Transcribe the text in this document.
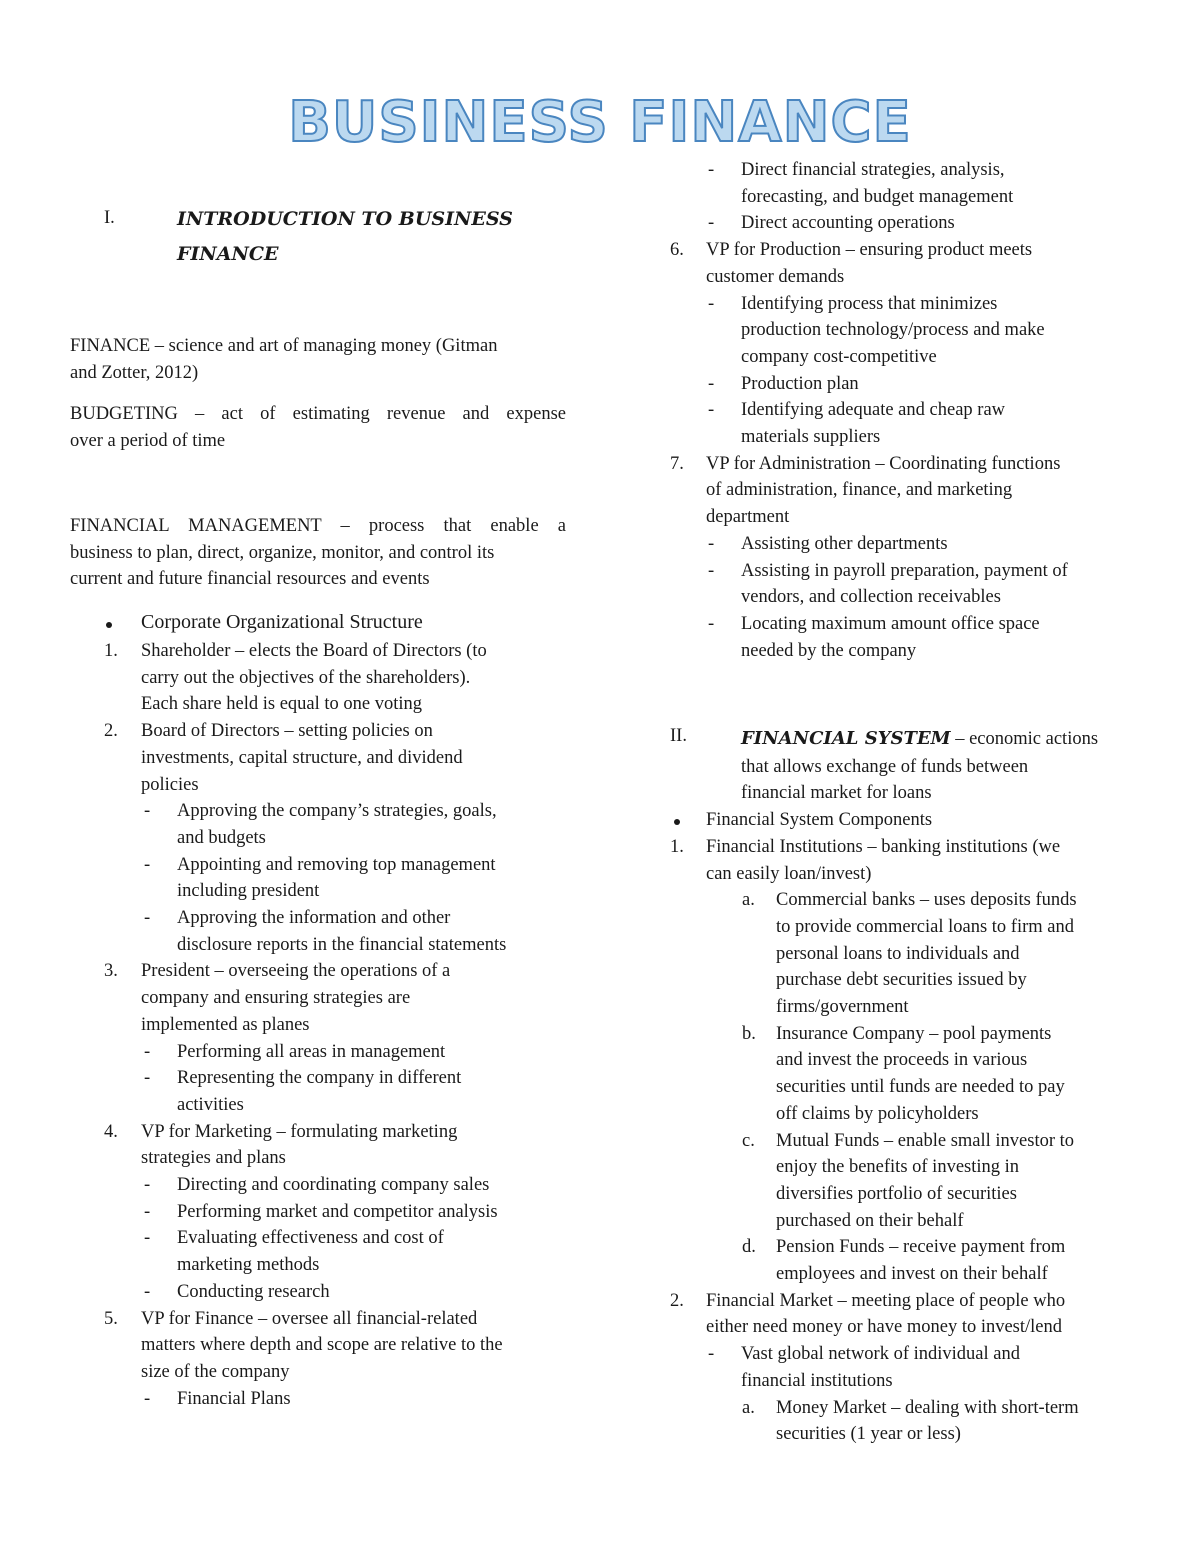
BUSINESS FINANCE
I.	INTRODUCTION TO BUSINESS
FINANCE
FINANCE – science and art of managing money (Gitman
and Zotter, 2012)
BUDGETING – act of estimating revenue and expense
over a period of time
FINANCIAL MANAGEMENT – process that enable a
business to plan, direct, organize, monitor, and control its
current and future financial resources and events
Corporate Organizational Structure
1. Shareholder – elects the Board of Directors (to
carry out the objectives of the shareholders).
Each share held is equal to one voting
2. Board of Directors – setting policies on
investments, capital structure, and dividend
policies
- Approving the company’s strategies, goals,
and budgets
- Appointing and removing top management
including president
- Approving the information and other
disclosure reports in the financial statements
3. President – overseeing the operations of a
company and ensuring strategies are
implemented as planes
- Performing all areas in management
- Representing the company in different
activities
4. VP for Marketing – formulating marketing
strategies and plans
- Directing and coordinating company sales
- Performing market and competitor analysis
- Evaluating effectiveness and cost of
marketing methods
- Conducting research
5. VP for Finance – oversee all financial-related
matters where depth and scope are relative to the
size of the company
- Financial Plans
- Direct financial strategies, analysis,
forecasting, and budget management
- Direct accounting operations
6. VP for Production – ensuring product meets
customer demands
- Identifying process that minimizes
production technology/process and make
company cost-competitive
- Production plan
- Identifying adequate and cheap raw
materials suppliers
7. VP for Administration – Coordinating functions
of administration, finance, and marketing
department
- Assisting other departments
- Assisting in payroll preparation, payment of
vendors, and collection receivables
- Locating maximum amount office space
needed by the company
II.	FINANCIAL SYSTEM – economic actions
that allows exchange of funds between
financial market for loans
Financial System Components
1. Financial Institutions – banking institutions (we
can easily loan/invest)
a. Commercial banks – uses deposits funds
to provide commercial loans to firm and
personal loans to individuals and
purchase debt securities issued by
firms/government
b. Insurance Company – pool payments
and invest the proceeds in various
securities until funds are needed to pay
off claims by policyholders
c. Mutual Funds – enable small investor to
enjoy the benefits of investing in
diversifies portfolio of securities
purchased on their behalf
d. Pension Funds – receive payment from
employees and invest on their behalf
2. Financial Market – meeting place of people who
either need money or have money to invest/lend
- Vast global network of individual and
financial institutions
a. Money Market – dealing with short-term
securities (1 year or less)
